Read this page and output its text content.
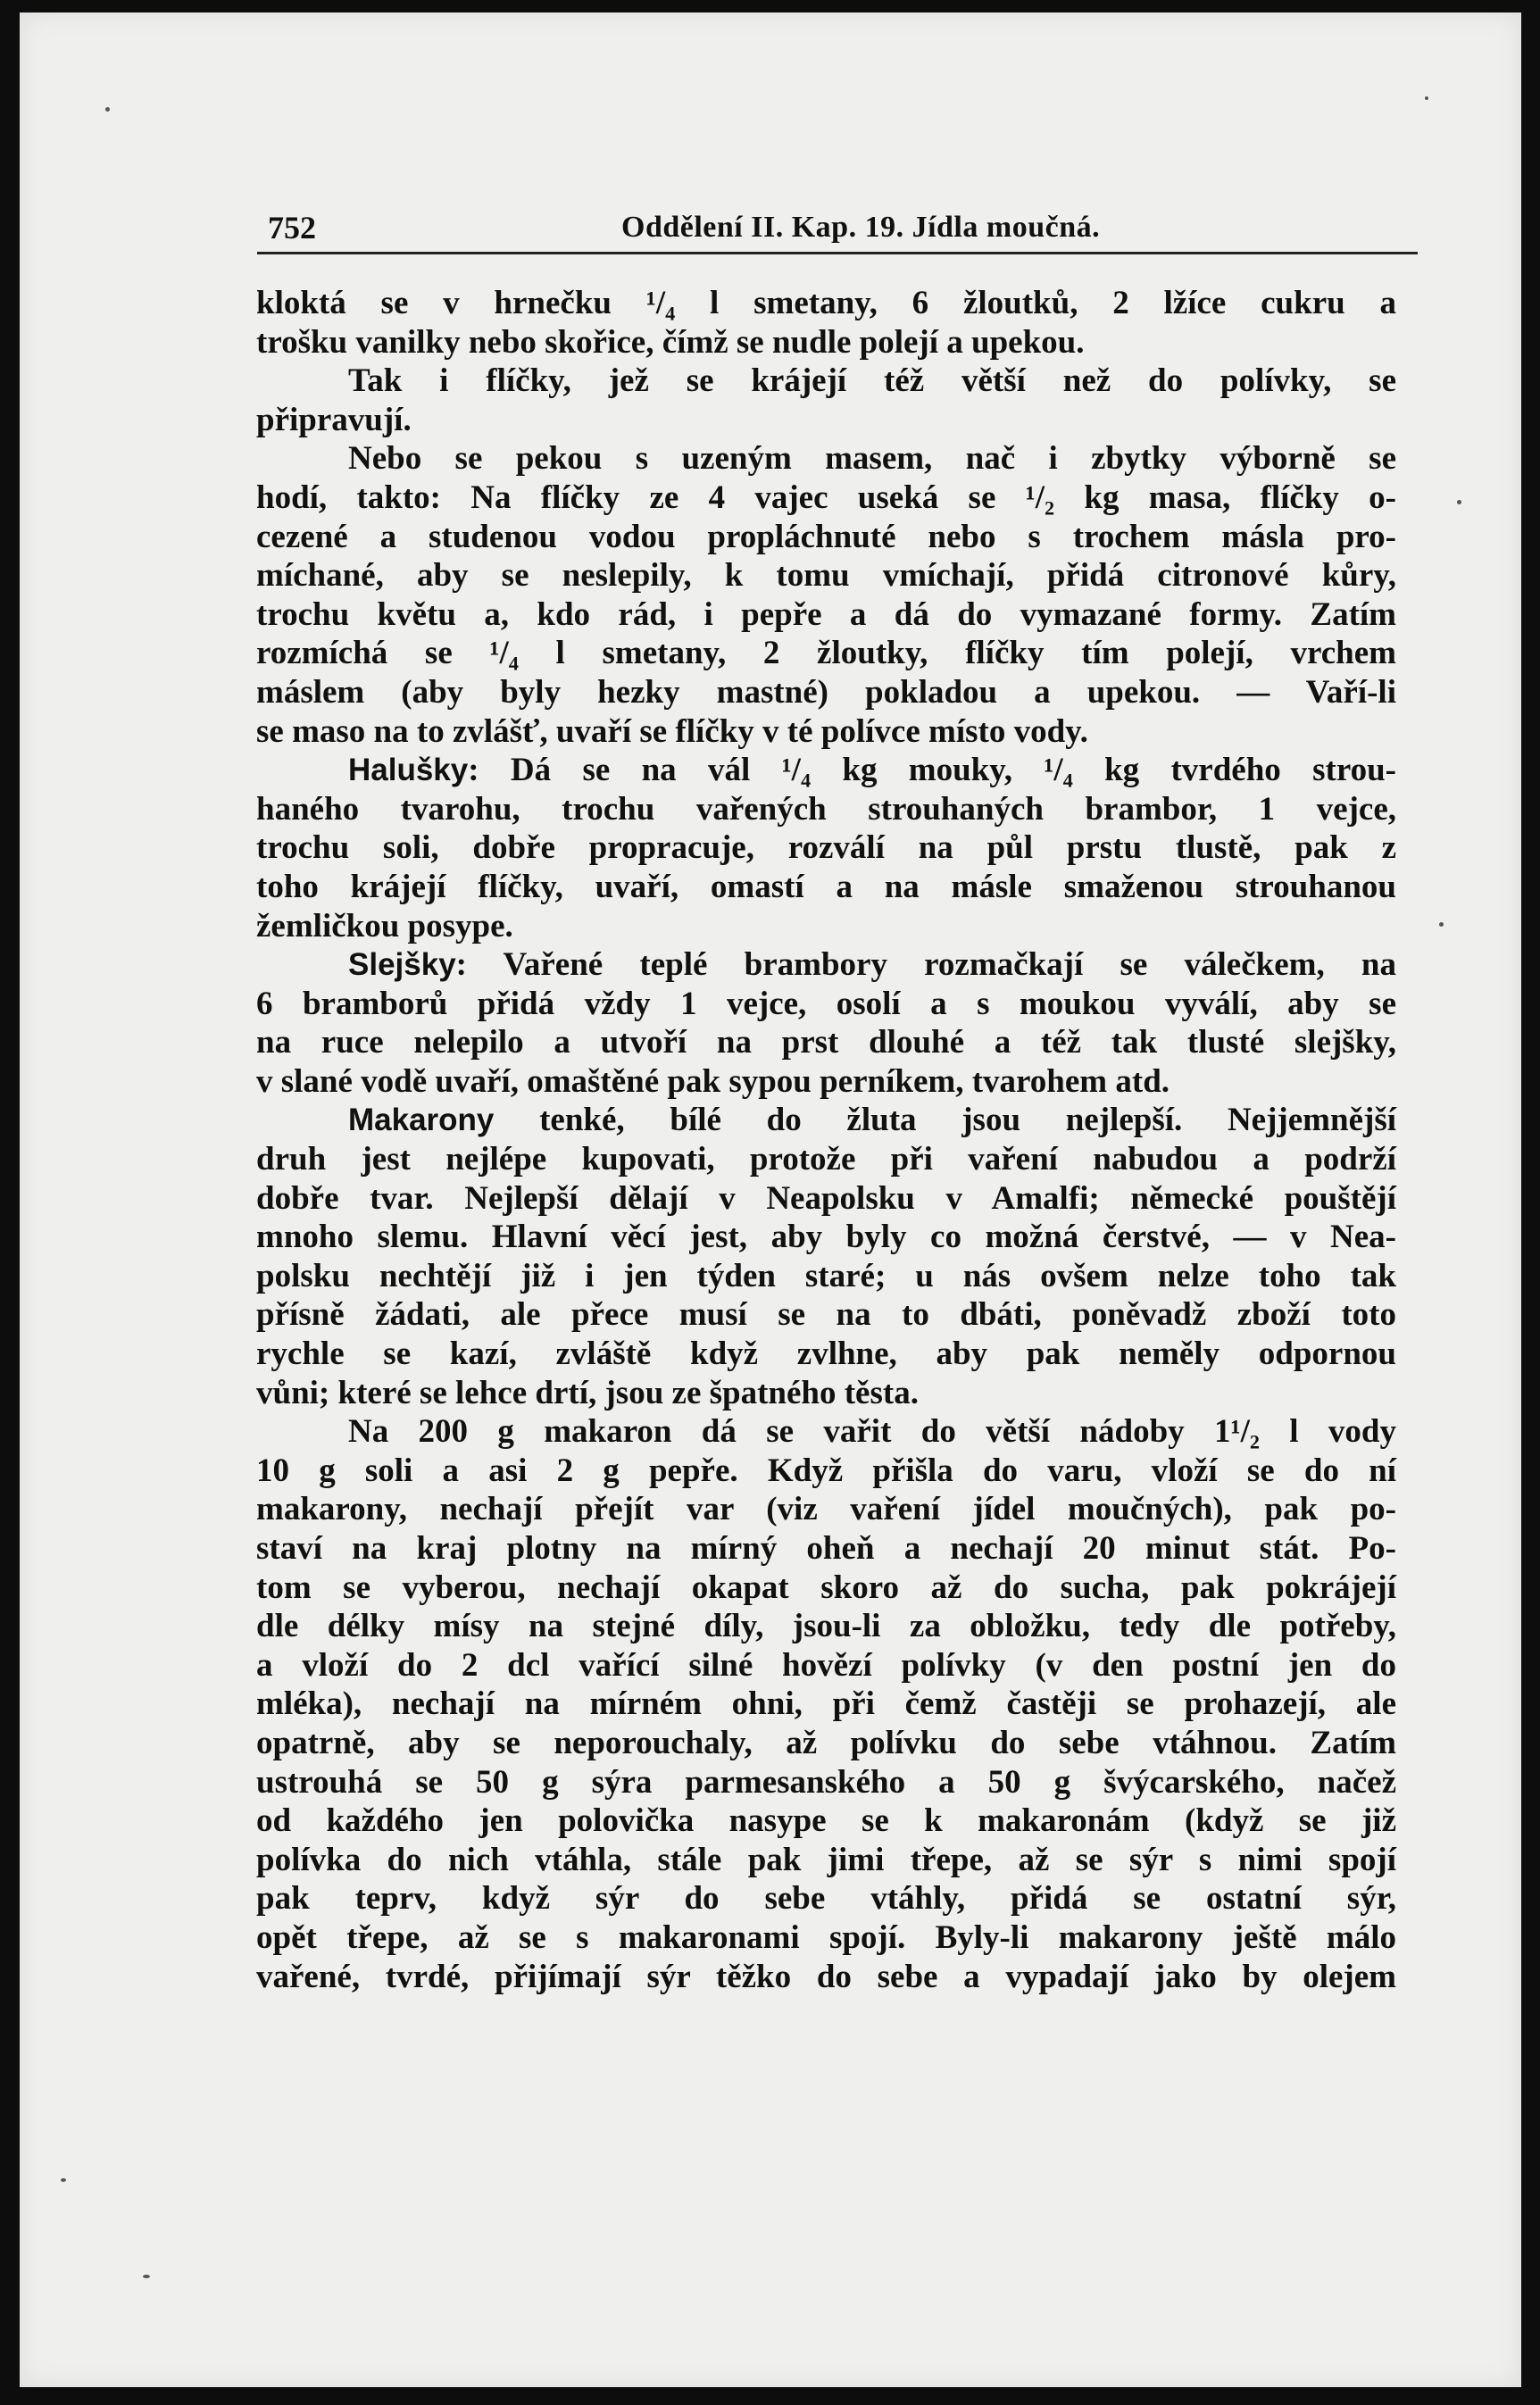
752	Oddělení II. Kap. 19. Jídla moučná.
kloktá se v hrnečku ¹/₄ l smetany, 6 žloutků, 2 lžíce cukru a
trošku vanilky nebo skořice, čímž se nudle polejí a upekou.
Tak i flíčky, jež se krájejí též větší než do polívky, se
připravují.
Nebo se pekou s uzeným masem, nač i zbytky výborně se
hodí, takto: Na flíčky ze 4 vajec useká se ¹/₂ kg masa, flíčky o-
cezené a studenou vodou propláchnuté nebo s trochem másla pro-
míchané, aby se neslepily, k tomu vmíchají, přidá citronové kůry,
trochu květu a, kdo rád, i pepře a dá do vymazané formy. Zatím
rozmíchá se ¹/₄ l smetany, 2 žloutky, flíčky tím polejí, vrchem
máslem (aby byly hezky mastné) pokladou a upekou. — Vaří-li
se maso na to zvlášť, uvaří se flíčky v té polívce místo vody.
Halušky: Dá se na vál ¹/₄ kg mouky, ¹/₄ kg tvrdého strou-
haného tvarohu, trochu vařených strouhaných brambor, 1 vejce,
trochu soli, dobře propracuje, rozválí na půl prstu tlustě, pak z
toho krájejí flíčky, uvaří, omastí a na másle smaženou strouhanou
žemličkou posype.
Slejšky: Vařené teplé brambory rozmačkají se válečkem, na
6 bramborů přidá vždy 1 vejce, osolí a s moukou vyválí, aby se
na ruce nelepilo a utvoří na prst dlouhé a též tak tlusté slejšky,
v slané vodě uvaří, omaštěné pak sypou perníkem, tvarohem atd.
Makarony tenké, bílé do žluta jsou nejlepší. Nejjemnější
druh jest nejlépe kupovati, protože při vaření nabudou a podrží
dobře tvar. Nejlepší dělají v Neapolsku v Amalfi; německé pouštějí
mnoho slemu. Hlavní věcí jest, aby byly co možná čerstvé, — v Nea-
polsku nechtějí již i jen týden staré; u nás ovšem nelze toho tak
přísně žádati, ale přece musí se na to dbáti, poněvadž zboží toto
rychle se kazí, zvláště když zvlhne, aby pak neměly odpornou
vůni; které se lehce drtí, jsou ze špatného těsta.
Na 200 g makaron dá se vařit do větší nádoby 1¹/₂ l vody
10 g soli a asi 2 g pepře. Když přišla do varu, vloží se do ní
makarony, nechají přejít var (viz vaření jídel moučných), pak po-
staví na kraj plotny na mírný oheň a nechají 20 minut stát. Po-
tom se vyberou, nechají okapat skoro až do sucha, pak pokrájejí
dle délky mísy na stejné díly, jsou-li za obložku, tedy dle potřeby,
a vloží do 2 dcl vařící silné hovězí polívky (v den postní jen do
mléka), nechají na mírném ohni, při čemž častěji se prohazejí, ale
opatrně, aby se neporouchaly, až polívku do sebe vtáhnou. Zatím
ustrouhá se 50 g sýra parmesanského a 50 g švýcarského, načež
od každého jen polovička nasype se k makaronám (když se již
polívka do nich vtáhla, stále pak jimi třepe, až se sýr s nimi spojí
pak teprv, když sýr do sebe vtáhly, přidá se ostatní sýr,
opět třepe, až se s makaronami spojí. Byly-li makarony ještě málo
vařené, tvrdé, přijímají sýr těžko do sebe a vypadají jako by olejem
